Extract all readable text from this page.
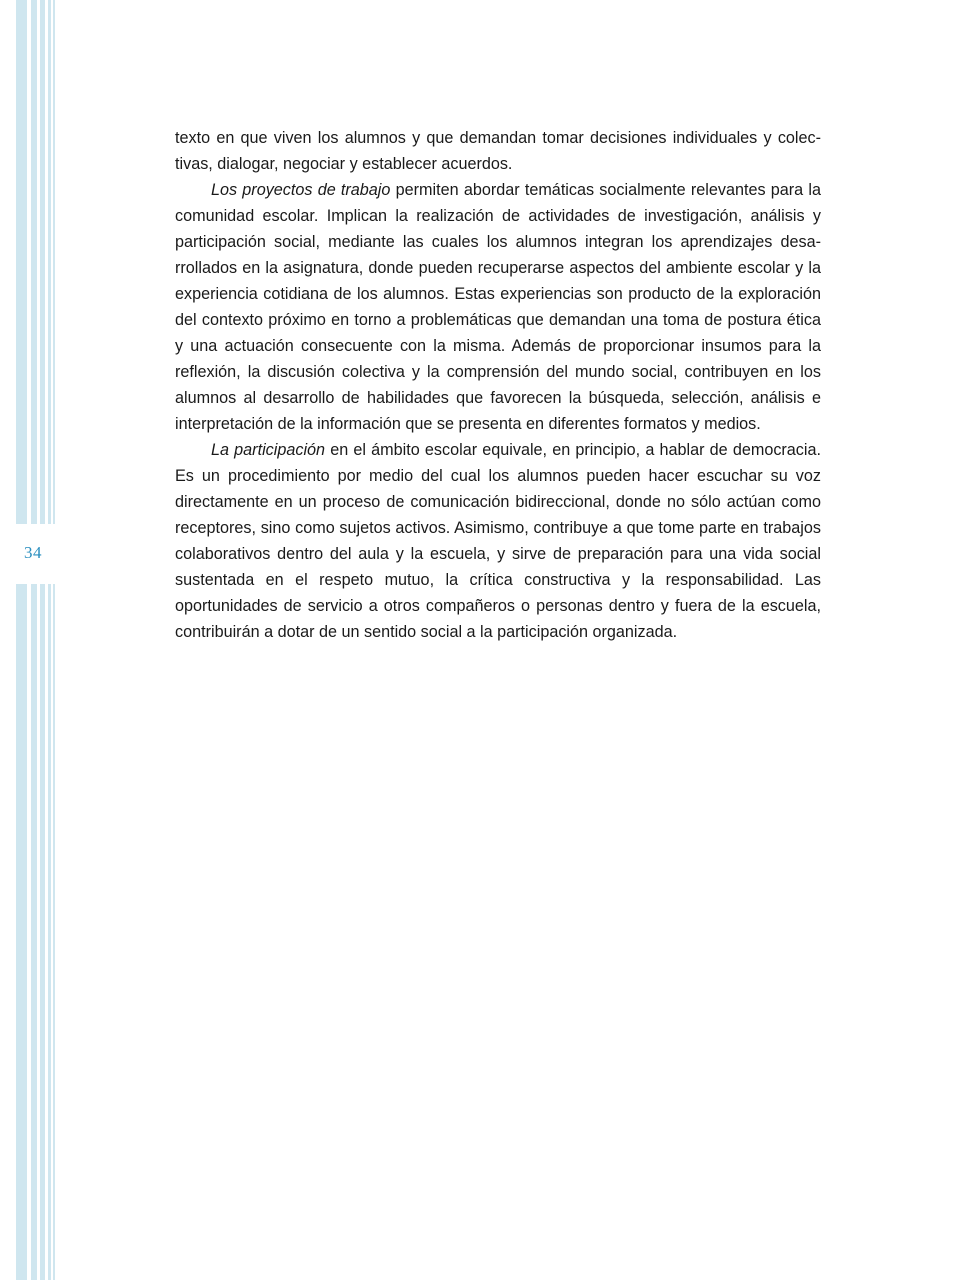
34

texto en que viven los alumnos y que demandan tomar decisiones individuales y colectivas, dialogar, negociar y establecer acuerdos.

Los proyectos de trabajo permiten abordar temáticas socialmente relevantes para la comunidad escolar. Implican la realización de actividades de investigación, análisis y participación social, mediante las cuales los alumnos integran los aprendizajes desarrollados en la asignatura, donde pueden recuperarse aspectos del ambiente escolar y la experiencia cotidiana de los alumnos. Estas experiencias son producto de la exploración del contexto próximo en torno a problemáticas que demandan una toma de postura ética y una actuación consecuente con la misma. Además de proporcionar insumos para la reflexión, la discusión colectiva y la comprensión del mundo social, contribuyen en los alumnos al desarrollo de habilidades que favorecen la búsqueda, selección, análisis e interpretación de la información que se presenta en diferentes formatos y medios.

La participación en el ámbito escolar equivale, en principio, a hablar de democracia. Es un procedimiento por medio del cual los alumnos pueden hacer escuchar su voz directamente en un proceso de comunicación bidireccional, donde no sólo actúan como receptores, sino como sujetos activos. Asimismo, contribuye a que tome parte en trabajos colaborativos dentro del aula y la escuela, y sirve de preparación para una vida social sustentada en el respeto mutuo, la crítica constructiva y la responsabilidad. Las oportunidades de servicio a otros compañeros o personas dentro y fuera de la escuela, contribuirán a dotar de un sentido social a la participación organizada.
